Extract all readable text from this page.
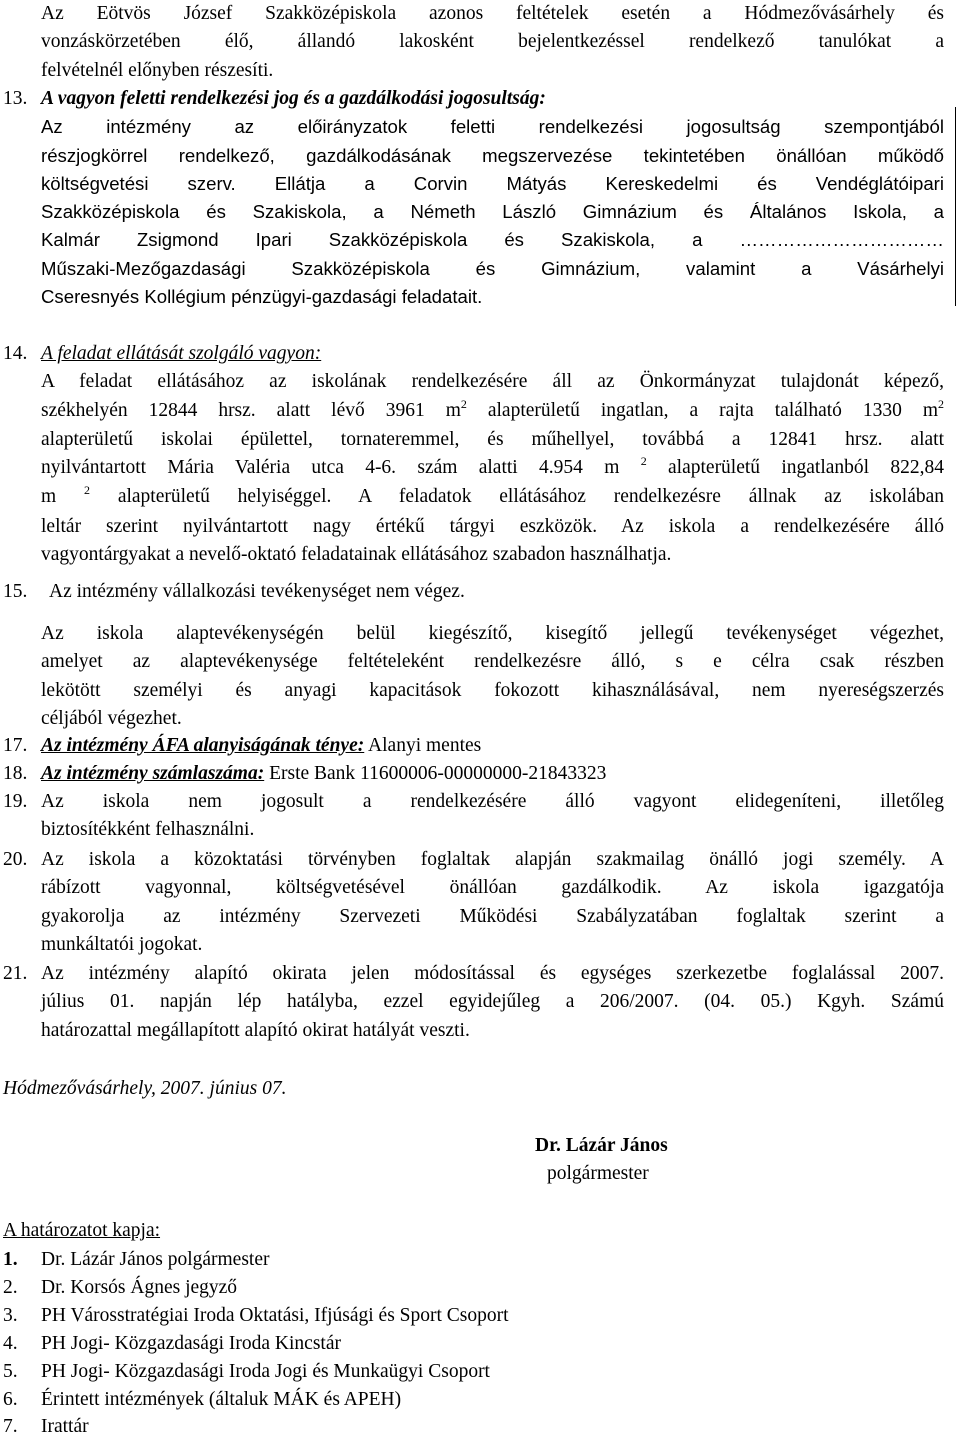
Az Eötvös József Szakközépiskola azonos feltételek esetén a Hódmezővásárhely és
vonzáskörzetében élő, állandó lakosként bejelentkezéssel rendelkező tanulókat a
felvételnél előnyben részesíti.
13. A vagyon feletti rendelkezési jog és a gazdálkodási jogosultság:
Az intézmény az előirányzatok feletti rendelkezési jogosultság szempontjából
részjogkörrel rendelkező, gazdálkodásának megszervezése tekintetében önállóan működő
költségvetési szerv. Ellátja a Corvin Mátyás Kereskedelmi és Vendéglátóipari
Szakközépiskola és Szakiskola, a Németh László Gimnázium és Általános Iskola, a
Kalmár Zsigmond Ipari Szakközépiskola és Szakiskola, a ……………………………
Műszaki-Mezőgazdasági Szakközépiskola és Gimnázium, valamint a Vásárhelyi
Cseresnyés Kollégium pénzügyi-gazdasági feladatait.
14. A feladat ellátását szolgáló vagyon:
A feladat ellátásához az iskolának rendelkezésére áll az Önkormányzat tulajdonát képező,
székhelyén 12844 hrsz. alatt lévő 3961 $m^2$ alapterületű ingatlan, a rajta található 1330 $m^2$
alapterületű iskolai épülettel, tornateremmel, és műhellyel, továbbá a 12841 hrsz. alatt
nyilvántartott Mária Valéria utca 4-6. szám alatti 4.954 m $^2$ alapterületű ingatlanból 822,84
m $^2$ alapterületű helyiséggel. A feladatok ellátásához rendelkezésre állnak az iskolában
leltár szerint nyilvántartott nagy értékű tárgyi eszközök. Az iskola a rendelkezésére álló
vagyontárgyakat a nevelő-oktató feladatainak ellátásához szabadon használhatja.
15. Az intézmény vállalkozási tevékenységet nem végez.
Az iskola alaptevékenységén belül kiegészítő, kisegítő jellegű tevékenységet végezhet,
amelyet az alaptevékenysége feltételeként rendelkezésre álló, s e célra csak részben
lekötött személyi és anyagi kapacitások fokozott kihasználásával, nem nyereségszerzés
céljából végezhet.
17. Az intézmény ÁFA alanyiságának ténye: Alanyi mentes
18. Az intézmény számlaszáma: Erste Bank 11600006-00000000-21843323
19. Az iskola nem jogosult a rendelkezésére álló vagyont elidegeníteni, illetőleg
biztosítékként felhasználni.
20. Az iskola a közoktatási törvényben foglaltak alapján szakmailag önálló jogi személy. A
rábízott vagyonnal, költségvetésével önállóan gazdálkodik. Az iskola igazgatója
gyakorolja az intézmény Szervezeti Működési Szabályzatában foglaltak szerint a
munkáltatói jogokat.
21. Az intézmény alapító okirata jelen módosítással és egységes szerkezetbe foglalással 2007.
július 01. napján lép hatályba, ezzel egyidejűleg a 206/2007. (04. 05.) Kgyh. Számú
határozattal megállapított alapító okirat hatályát veszti.
Hódmezővásárhely, 2007. június 07.
Dr. Lázár János
polgármester
A határozatot kapja:
1. Dr. Lázár János polgármester
2. Dr. Korsós Ágnes jegyző
3. PH Városstratégiai Iroda Oktatási, Ifjúsági és Sport Csoport
4. PH Jogi- Közgazdasági Iroda Kincstár
5. PH Jogi- Közgazdasági Iroda Jogi és Munkaügyi Csoport
6. Érintett intézmények (általuk MÁK és APEH)
7. Irattár
